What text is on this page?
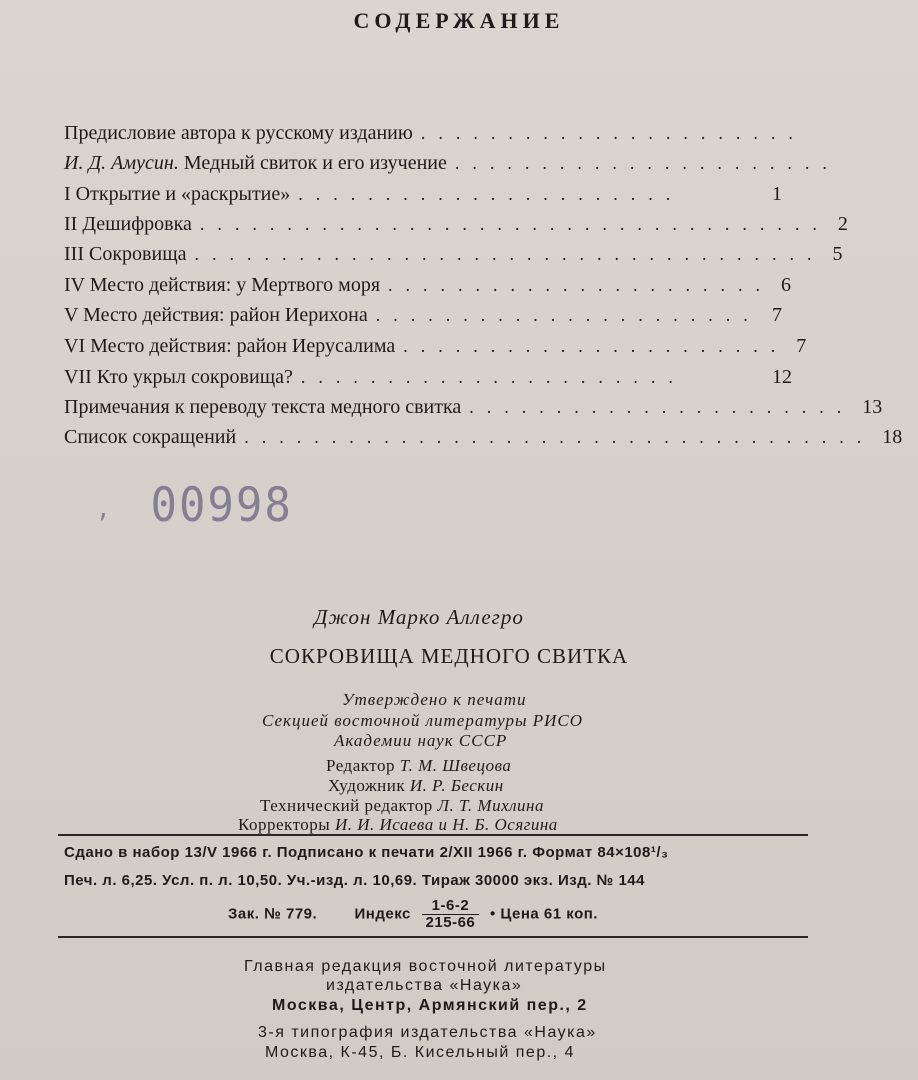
СОДЕРЖАНИЕ
Предисловие автора к русскому изданию ......................
И. Д. Амусин. Медный свиток и его изучение ......................
I Открытие и «раскрытие» ......................	1
II Дешифровка .................................... 2
III Сокровища .................................... 5
IV Место действия: у Мертвого моря ...................... 6
V Место действия: район Иерихона ...................... 7
VI Место действия: район Иерусалима ...................... 7
VII Кто укрыл сокровища? ......................	12
Примечания к переводу текста медного свитка ...................... 13
Список сокращений .................................... 18
, 00998
Джон Марко Аллегро
СОКРОВИЩА МЕДНОГО СВИТКА
Утверждено к печати
Секцией восточной литературы РИСО
Академии наук СССР
Редактор Т. М. Швецова
Художник И. Р. Бескин
Технический редактор Л. Т. Михлина
Корректоры И. И. Исаева и Н. Б. Осягина
Сдано в набор 13/V 1966 г. Подписано к печати 2/XII 1966 г. Формат 84×108¹/₃
Печ. л. 6,25. Усл. п. л. 10,50. Уч.-изд. л. 10,69. Тираж 30000 экз. Изд. № 144
Зак. № 779. Индекс $\frac{1-6-2}{215-66}$ • Цена 61 коп.
Главная редакция восточной литературы
издательства «Наука»
Москва, Центр, Армянский пер., 2
3-я типография издательства «Наука»
Москва, К-45, Б. Кисельный пер., 4
